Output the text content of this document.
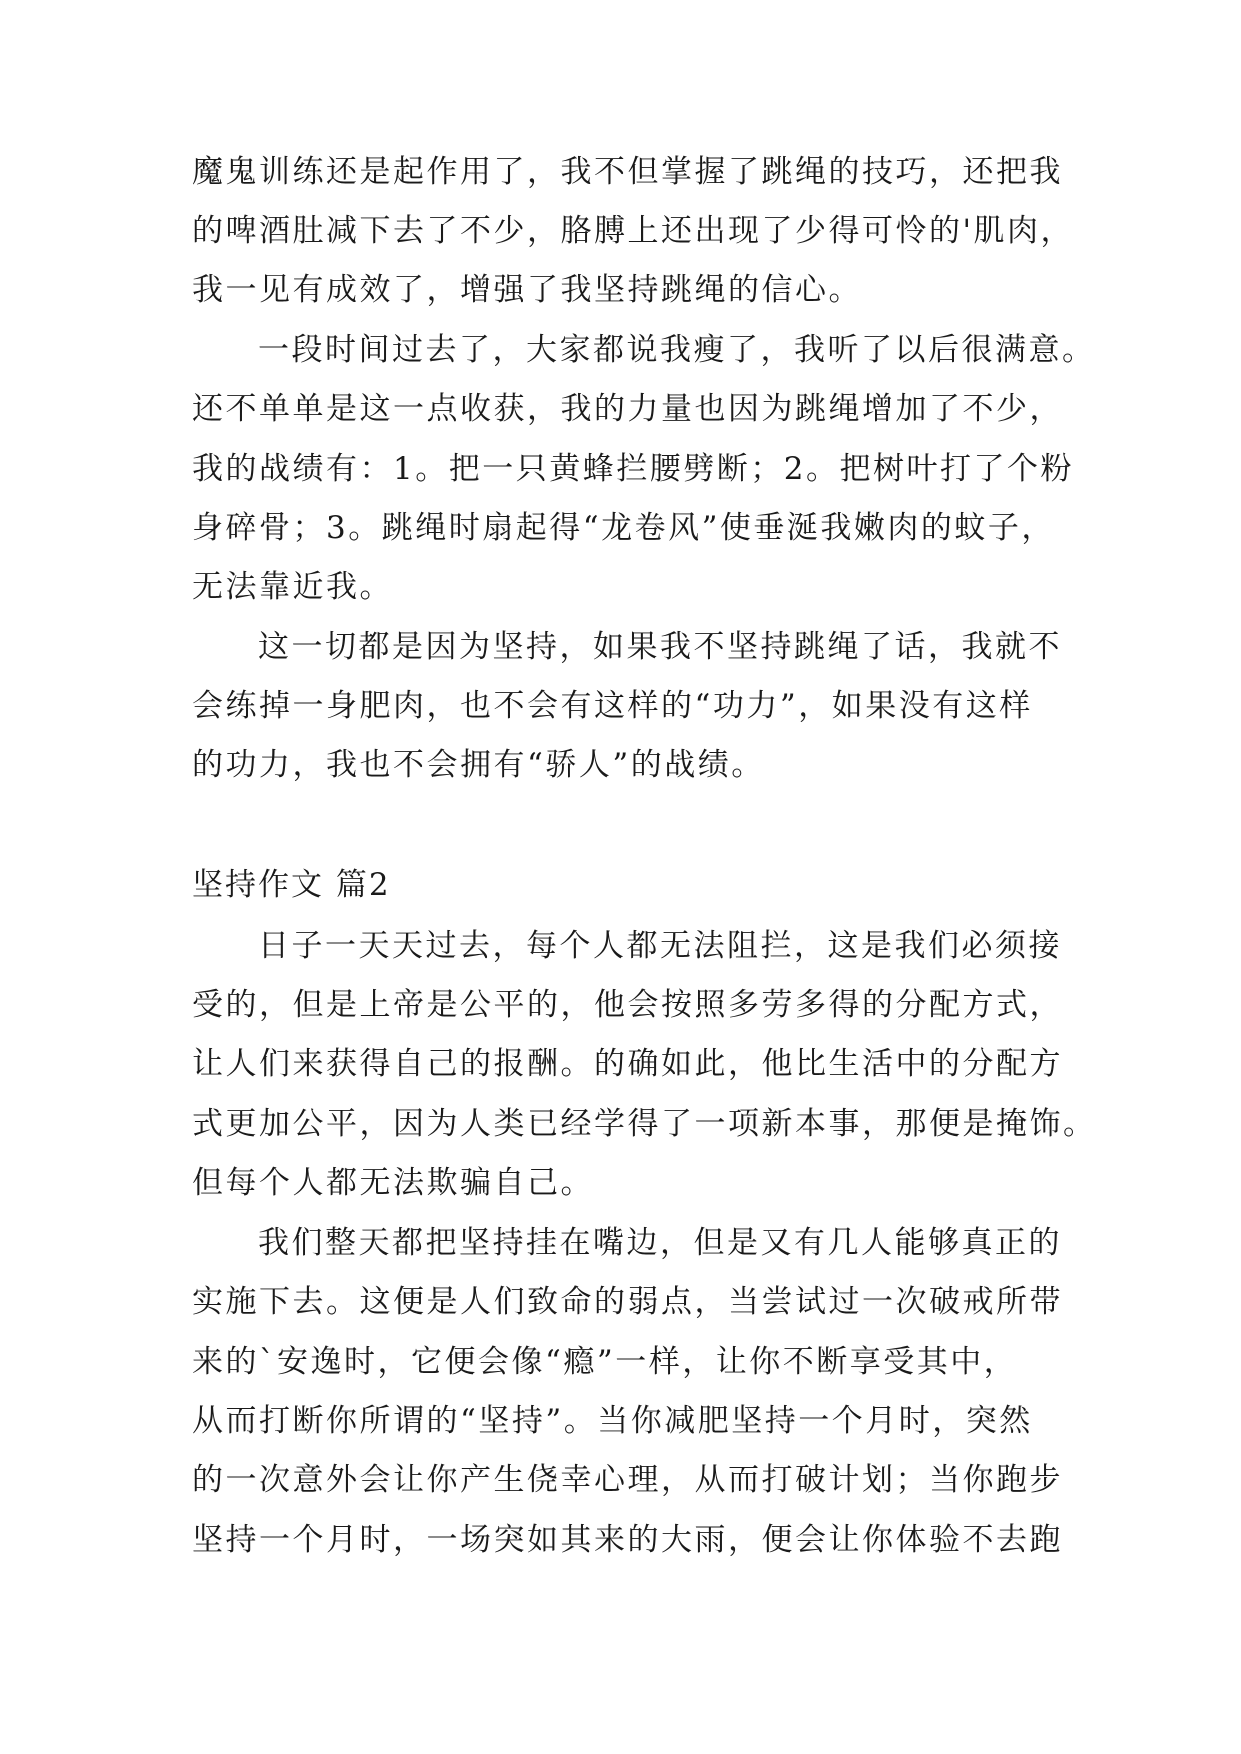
魔鬼训练还是起作用了，我不但掌握了跳绳的技巧，还把我
的啤酒肚减下去了不少，胳膊上还出现了少得可怜的'肌肉，
我一见有成效了，增强了我坚持跳绳的信心。
一段时间过去了，大家都说我瘦了，我听了以后很满意。
还不单单是这一点收获，我的力量也因为跳绳增加了不少，
我的战绩有：1。把一只黄蜂拦腰劈断；2。把树叶打了个粉
身碎骨；3。跳绳时扇起得“龙卷风”使垂涎我嫩肉的蚊子，
无法靠近我。
这一切都是因为坚持，如果我不坚持跳绳了话，我就不
会练掉一身肥肉，也不会有这样的“功力”，如果没有这样
的功力，我也不会拥有“骄人”的战绩。
坚持作文 篇2
日子一天天过去，每个人都无法阻拦，这是我们必须接
受的，但是上帝是公平的，他会按照多劳多得的分配方式，
让人们来获得自己的报酬。的确如此，他比生活中的分配方
式更加公平，因为人类已经学得了一项新本事，那便是掩饰。
但每个人都无法欺骗自己。
我们整天都把坚持挂在嘴边，但是又有几人能够真正的
实施下去。这便是人们致命的弱点，当尝试过一次破戒所带
来的`安逸时，它便会像“瘾”一样，让你不断享受其中，
从而打断你所谓的“坚持”。当你减肥坚持一个月时，突然
的一次意外会让你产生侥幸心理，从而打破计划；当你跑步
坚持一个月时，一场突如其来的大雨，便会让你体验不去跑
